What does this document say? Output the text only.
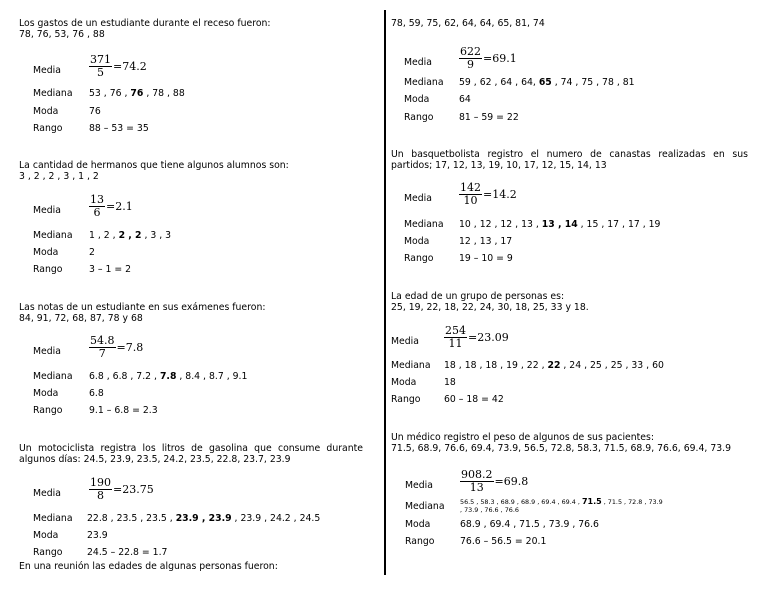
Los gastos de un estudiante durante el receso fueron:
78, 76, 53, 76 , 88
Media	$\frac{371}{5} = 74.2$
Mediana 53 , 76 , 76 , 78 , 88
Moda	76
Rango	88 – 53 = 35
La cantidad de hermanos que tiene algunos alumnos son:
3 , 2 , 2 , 3 , 1 , 2
Media	$\frac{13}{6} = 2.1$
Mediana 1 , 2 , 2 , 2 , 3 , 3
Moda	2
Rango	3 – 1 = 2
Las notas de un estudiante en sus exámenes fueron:
84, 91, 72, 68, 87, 78 y 68
Media	$\frac{54.8}{7} = 7.8$
Mediana 6.8 , 6.8 , 7.2 , 7.8 , 8.4 , 8.7 , 9.1
Moda	6.8
Rango	9.1 – 6.8 = 2.3
Un motociclista registra los litros de gasolina que consume durante algunos días: 24.5, 23.9, 23.5, 24.2, 23.5, 22.8, 23.7, 23.9
Media	$\frac{190}{8} = 23.75$
Mediana 22.8 , 23.5 , 23.5 , 23.9 , 23.9 , 23.9 , 24.2 , 24.5
Moda	23.9
Rango	24.5 – 22.8 = 1.7
En una reunión las edades de algunas personas fueron:
78, 59, 75, 62, 64, 64, 65, 81, 74
Media $\frac{622}{9} = 69.1$
Mediana 59 , 62 , 64 , 64, 65 , 74 , 75 , 78 , 81
Moda	64
Rango	81 – 59 = 22
Un basquetbolista registro el numero de canastas realizadas en sus partidos; 17, 12, 13, 19, 10, 17, 12, 15, 14, 13
Media $\frac{142}{10} = 14.2$
Mediana 10 , 12 , 12 , 13 , 13 , 14 , 15 , 17 , 17 , 19
Moda	12 , 13 , 17
Rango	19 – 10 = 9
La edad de un grupo de personas es:
25, 19, 22, 18, 22, 24, 30, 18, 25, 33 y 18.
Media $\frac{254}{11} = 23.09$
Mediana 18 , 18 , 18 , 19 , 22 , 22 , 24 , 25 , 25 , 33 , 60
Moda	18
Rango	60 – 18 = 42
Un médico registro el peso de algunos de sus pacientes:
71.5, 68.9, 76.6, 69.4, 73.9, 56.5, 72.8, 58.3, 71.5, 68.9, 76.6, 69.4, 73.9
Media $\frac{908.2}{13} = 69.8$
Mediana 56.5 , 58.3 , 68.9 , 68.9 , 69.4 , 69.4 , 71.5 , 71.5 , 72.8 , 73.9 , 73.9 , 76.6 , 76.6
Moda	68.9 , 69.4 , 71.5 , 73.9 , 76.6
Rango	76.6 – 56.5 = 20.1
